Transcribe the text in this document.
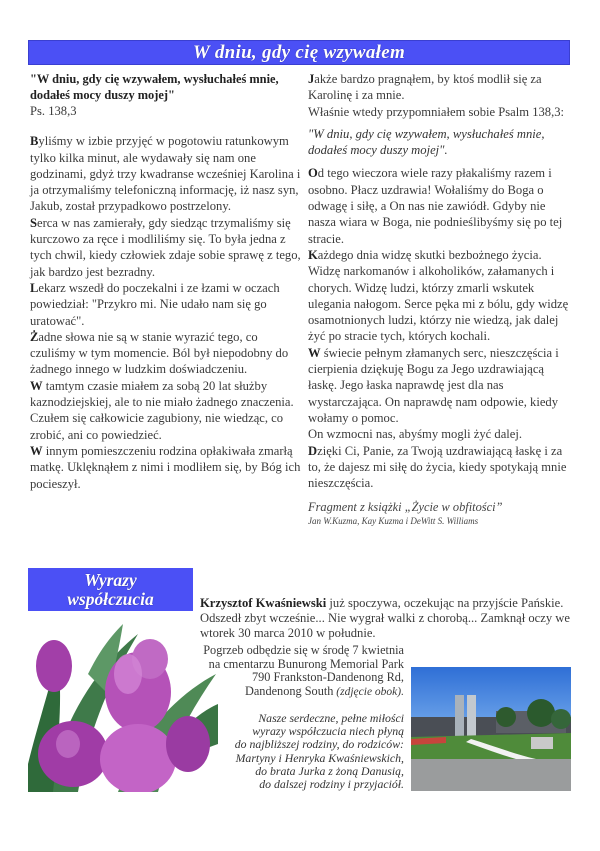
W dniu, gdy cię wzywałem
"W dniu, gdy cię wzywałem, wysłuchałeś mnie, dodałeś mocy duszy mojej"
Ps. 138,3

Byliśmy w izbie przyjęć w pogotowiu ratunkowym tylko kilka minut, ale wydawały się nam one godzinami, gdyż trzy kwadranse wcześniej Karolina i ja otrzymaliśmy telefoniczną informację, iż nasz syn, Jakub, został przypadkowo postrzelony.

Serca w nas zamierały, gdy siedząc trzymaliśmy się kurczowo za ręce i modliliśmy się. To była jedna z tych chwil, kiedy człowiek zdaje sobie sprawę z tego, jak bardzo jest bezradny.

Lekarz wszedł do poczekalni i ze łzami w oczach powiedział: "Przykro mi. Nie udało nam się go uratować".

Żadne słowa nie są w stanie wyrazić tego, co czuliśmy w tym momencie. Ból był niepodobny do żadnego innego w ludzkim doświadczeniu.

W tamtym czasie miałem za sobą 20 lat służby kaznodziejskiej, ale to nie miało żadnego znaczenia. Czułem się całkowicie zagubiony, nie wiedząc, co zrobić, ani co powiedzieć.

W innym pomieszczeniu rodzina opłakiwała zmarłą matkę. Uklęknąłem z nimi i modliłem się, by Bóg ich pocieszył.

Jakże bardzo pragnąłem, by ktoś modlił się za Karolinę i za mnie.

Właśnie wtedy przypomniałem sobie Psalm 138,3:

"W dniu, gdy cię wzywałem, wysłuchałeś mnie, dodałeś mocy duszy mojej".

Od tego wieczora wiele razy płakaliśmy razem i osobno. Płacz uzdrawia! Wołaliśmy do Boga o odwagę i siłę, a On nas nie zawiódł. Gdyby nie nasza wiara w Boga, nie podnieślibyśmy się po tej stracie.

Każdego dnia widzę skutki bezbożnego życia. Widzę narkomanów i alkoholików, załamanych i chorych. Widzę ludzi, którzy zmarli wskutek ulegania nałogom. Serce pęka mi z bólu, gdy widzę osamotnionych ludzi, którzy nie wiedzą, jak dalej żyć po stracie tych, których kochali.

W świecie pełnym złamanych serc, nieszczęścia i cierpienia dziękuję Bogu za Jego uzdrawiającą łaskę. Jego łaska naprawdę jest dla nas wystarczająca. On naprawdę nam odpowie, kiedy wołamy o pomoc.

On wzmocni nas, abyśmy mogli żyć dalej.

Dzięki Ci, Panie, za Twoją uzdrawiającą łaskę i za to, że dajesz mi siłę do życia, kiedy spotykają mnie nieszczęścia.

Fragment z książki „Życie w obfitości”

Jan W.Kuzma, Kay Kuzma i DeWitt S. Williams

Wyrazy
współczucia	Krzysztof Kwaśniewski już spoczywa, oczekując na przyjście Pańskie. Odszedł zbyt wcześnie... Nie wygrał walki z chorobą... Zamknął oczy we wtorek 30 marca 2010 w południe.
Pogrzeb odbędzie się w środę 7 kwietnia
na cmentarzu Bunurong Memorial Park
790 Frankston-Dandenong Rd,
Dandenong South (zdjęcie obok).
Nasze serdeczne, pełne miłości
wyrazy współczucia niech płyną
do najbliższej rodziny, do rodziców:
Martyny i Henryka Kwaśniewskich,
do brata Jurka z żoną Danusią,
do dalszej rodziny i przyjaciół.
